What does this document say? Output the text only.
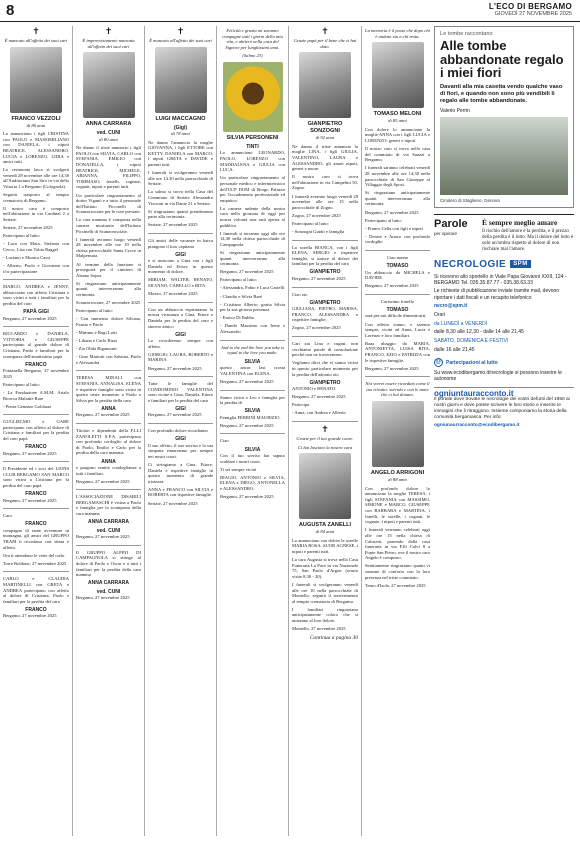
8	L'ECO DI BERGAMO
GIOVEDÌ 27 NOVEMBRE 2025
✝
È mancato all'affetto dei suoi cari
FRANCO VEZZOLI
di 86 anni

Lo annunciano i figli CRISTINA con PAOLO e MASSIMILIANO con DANIELA, i nipoti BEATRICE, ALESSANDRO, LUCIA e LORENZO, LIDIA e amici tutti.

La cerimonia laica si svolgerà venerdì 28 novembre alle ore 14,30 all'Auditorium San Siro in via della Vittoria 1 a Bergamo (Colognola).

Seguirà trasporto al tempio crematorio di Bergamo.

Il nostro caro è composto nell'abitazione in via Cardinal 2 a Seriate.

Seriate, 27 novembre 2025

Partecipano al lutto:

- Luca con Mara, Stefania con Cecco, Lisa con Tobia Raggel

- Luciano e Monica Cassi

- Alberto, Paolo e Giovanna con i/or partecipazione

MARCO, ANDREA e JENNY, abbracciano con affetto Cristiana e sono vicini a tutti i familiari per la perdita del caro

PAPÀ GIGI

Bergamo, 27 novembre 2025

RICCARDO e DANIELA, VITTORIA e GIUSEPPE partecipano al grande dolore di Cristiana, Paolo e familiari per la scomparsa dell'amatissimo papà

FRANCO

Fontanella Bergamo, 27 novembre 2025

Partecipano al lutto:

- La Fondazione A.M.M. Arialo Ricerca Malattie Rare

- Pietra Gennaro Goldaraz

GUGLIELMO e GABE partecipano con affetto al dolore di Cristiana e familiari per la perdita del caro papà

FRANCO

Bergamo, 27 novembre 2025

Il Presidente ed i soci del LIONS CLUB BERGAMO SAN MARCO sono vicini a Cristiana per la perdita del caro papà

FRANCO

Bergamo, 27 novembre 2025

Caro

FRANCO

compagno di tante avventure in montagna, gli amici del GRUPPO TRAM ti ricordano con stima e affetto.

Ora ti attendono le vette del cielo.

Torre Boldone, 27 novembre 2025

CARLO e CLAUDIA MARTINELLI con GRETA e ANDREA partecipano con affetto al dolore di Cristiana, Paolo e familiari per la perdita del caro

FRANCO

Bergamo, 27 novembre 2025

✝
È improvvisamente mancata all'affetto dei suoi cari
ANNA CARRARA
ved. CUNI
di 80 anni

Ne danno il triste annuncio i figli PAOLO con SILVIA, CARLO con STEFANIA, EMILIO con DONATELLA, i nipoti BEATRICE, MICHELE, ARIANNA, FILIPPO, TOMMASO, fratelli, cognate, cognati, nipoti e parenti tutti.

Un particolare ringraziamento al dottor Viganò e a tutto il personale dell'Istituto Piccinelli di Scanzorosciate per le cure prestate.

La cara mamma è composta nella camera mortuaria dell'Istituto Piccinelli di Scanzorosciate.

I funerali avranno luogo venerdì 28 novembre alle ore 10 nella chiesa parrocchiale Santa Croce in Malpensata.

Al termine della funzione si proseguirà per il cimitero di Alzano Sopra.

Si ringraziano anticipatamente quanti interverranno alla cerimonia.

Scanzorosciate, 27 novembre 2025

Partecipano al lutto:

- Con immenso dolore Silvana, Fausto e Paolo

- Mimmo e Rugi Lotti

- Liliana e Carlo Rizzi

- Zia Olida Rigamonti

- Gino Mariotti con Sabrina, Paolo e Alessandra

TERESA MINALI con STEFANIA, ANNALISA, ELENA e rispettive famiglie sono vicini in questo triste momento a Paolo e Silvia per la perdita della cara

ANNA

Bergamo, 27 novembre 2025

Titolari e dipendenti della F.LLI ZANOLETTI S.P.A. partecipano con profondo cordoglio al dolore di Paolo, Emilio e Carlo per la perdita della cara mamma

ANNA

e porgono sentite condoglianze a tutti i familiari.

Bergamo, 27 novembre 2025

L'ASSOCIAZIONE DISABILI BERGAMASCHI è vicina a Paolo e famiglia per la scomparsa della cara mamma

ANNA CARRARA
ved. CUNI

Bergamo, 27 novembre 2025

Il GRUPPO ALPINI DI CAMPAGNOLA si stringe al dolore di Paolo e Oscar e a tutti i familiari per la perdita della cara mamma

ANNA CARRARA
ved. CUNI

Bergamo, 27 novembre 2025

✝
È mancato all'affetto dei suoi cari
LUIGI MACCAGNO
(Gigi)
di 78 anni

Ne danno l'annuncio la moglie GIOVANNA, i figli ETTORE con KETTY, DANIELA con MARCO, i nipoti GRETA e DAVIDE e parenti tutti.

I funerali si svolgeranno venerdì alle ore 14.30 nella parrocchiale di Seriate.

La salma si trova nella Casa del Commiato di Seriate Alessandro Visconti in via Dante 21 a Seriate.

Si ringraziano quanti prenderanno parte alla cerimonia.

Seriate, 27 novembre 2025

Gli amici delle vacanze in barca piangono il loro capitano

GIGI

e si uniscono a Gina con i figli Daniela ed Ettore in questo momento di dolore.

MIRIAM, WALTER, RENATO, SILVANO, CARELLO e RITA

Mozzo, 27 novembre 2025

Con un abbraccio esprimiamo la nostra vicinanza a Gina, Ettore e Daniela per la perdita del caro e sincero amico

GIGI

Lo ricorderemo sempre con affetto.

GIORGIO, LAURA, ROBERTO e MARINA

Bergamo, 27 novembre 2025

Tutte le famiglie del CONDOMINIO VALENTINA sono vicine a Gina, Daniela, Ettore e familiari per la perdita del caro

GIGI

Bergamo, 27 novembre 2025

Con profondo dolore ricordiamo

GIGI

Il suo affetto, il suo sorriso e la sua simpatia rimarranno per sempre nei nostri cuori.

Ci stringiamo a Gina, Ettore, Daniela e rispettive famiglie in questo momento di grande tristezza.

ANNA e FRANCO con SILVIA e ROBERTA con rispettive famiglie.

Seriate, 27 novembre 2025

Felicità e grazia mi saranno compagne tutti i giorni della mia vita, e abiterò nella casa del Signore per lunghissimi anni.
(Salmo 23)
SILVIA PERSONENI
TINTI

Lo annunciano LEONARDO, PAOLO, LORENZO con MADDALENA e GIULIA con LUCA.

Un particolare ringraziamento al personale medico e infermieristico dell'UCP DOM di Borgo Palazzo per l'accudimento professionale ed empatico.

La camera ardente della nostra cara nella giornata di oggi per nostra volontà non sarà aperta al pubblico.

I funerali si terranno oggi alle ore 14,30 nella chiesa parrocchiale di Campagnola.

Si ringraziano anticipatamente quanti interverranno alla cerimonia.

Bergamo, 27 novembre 2025

Partecipano al lutto:

- Alessandra, Fabio e Luca Castelli

- Claudio e Silvia Baré

- Cristiano Alberto, gratia Silvia per la sua gioiosa presenza

- Enrico Di Rubba

- Danilo Massimo con Irene e Alessandro

And to the end the love you take is equal to the love you make.
SILVIA

questo ancor lasi crosta VALENTINA con ELENA.

Bergamo, 27 novembre 2025

Siamo vicini a Leo e famiglia per la perdita di

SILVIA

Famiglia FERRINI MAURIZIO.

Bergamo, 27 novembre 2025

Ciao

SILVIA

Con il tuo sorriso hai saputo scaldare i nostri cuori.

Ti sei sempre vicini

BIAGIO, ANTONIO e SILVIA, ELENA e DIEGO, ANTONELLA e ALESSANDRO.

Bergamo, 27 novembre 2025

✝
Grazie papà per il bene che ci hai dato.
GIANPIETRO SONZOGNI
di 92 anni

Ne danno il triste annuncio la moglie LINA, i figli GIULIA, VALENTINO, LAURA e ALESSANDRO, gli amati nipoti, generi e nuore.

Il nostro caro si trova nell'abitazione in via Campelmi 50, Zogno.

I funerali avranno luogo venerdì 28 novembre alle ore 15 nella parrocchiale di Zogno.

Zogno, 27 novembre 2025

Partecipano al lutto:

- Sonzogni Guido e famiglia

La sorella BIANCA, con i figli ELENA, SERGIO e rispettive famiglie, si unisce al dolore dei familiari per la perdita del caro

GIANPIETRO

Bergamo, 27 novembre 2025

Ciao zio

GIANPIETRO

GIULIANA, PIETRO, MARISA, FRANCO, ALESSANDRA e rispettive famiglie.

Zogno, 27 novembre 2025

Cari zia Lina e cugini, non cerchiamo parole di consolazione perché non ne troveremmo.

Vogliamo dirvi che vi siamo vicini in questo particolare momento per la perdita dell'adorato zio

GIANPIETRO

ANTONIO e RENATO.

Bergamo, 27 novembre 2025

Partecipa

- Anna, con Andrea e Alberto

✝
Grazie per il tuo grande cuore.
Ci hai lasciato la nostra cara
AUGUSTA ZANELLI
di 84 anni

Lo annunciano con dolore le sorelle MARIA ROSA, SUOR AGNESE, i nipoti e parenti tutti.

La cara Augusta si trova nella Casa Funeraria La Pace in via Nazionale 75, San Paolo d'Argon (orario visite 8.30 - 20).

I funerali si svolgeranno venerdì alle ore 10 nella parrocchiale di Montello, seguirà il trasferimento al tempio crematorio di Bergamo.

I familiari ringraziano anticipatamente coloro che si uniranno al loro dolore.

Montello, 27 novembre 2025

Continua a pagina 30
La memoria è il posto che dopo chi è andato via a chi resta.
TOMASO MELONI
di 85 anni

Con dolore lo annunciano la moglie ANNA con i figli LUCIA e LORENZO, generi e nipoti.

Il nostro caro si trova nella casa del commiato di via Sauzzi a Bergamo.

I funerali saranno celebrati venerdì 28 novembre alle ore 14,30 nella parrocchiale di San Giuseppe al Villaggio degli Sposi.

Si ringraziano anticipatamente quanti interverranno alla cerimonia.

Bergamo, 27 novembre 2025

Partecipano al lutto:

- Franco Cella con figli e nipoti

- Denise e Arturo con profondo cordoglio

Ciao nonno

TOMASO

Un abbraccio da MICHELA e DAVIDE.

Bergamo, 27 novembre 2025

Carissimo fratello

TOMASO

sarà per noi difficile dimenticarti.

Con affetto siamo, e saremo sempre, vicini ad Anna, Lucia e Lorenzo e loro familiari.

Baaa nhaggio da MARIA, ANTONIETTA, LUISA RITA, FRANCO, EZIO e PATRIZIA con le rispettive famiglie.

Bergamo, 27 novembre 2025

Noi vorrei essere ricordato come il tuo ritratto: sorrido e con le tante che ci hai donato.
ANGELO ARRIGONI
di 88 anni

Con profondo dolore lo annunciano la moglie TERESA, i figli STEFANIA con MASSIMO, SIMONE e MARCO, GIUSEPPE con BARBARA e MARTINA, i fratelli, le sorelle, i cognati, le cognate, i nipoti e parenti tutti.

I funerali verranno celebrati oggi alle ore 15 nella chiesa di Calusetti, partendo dalla casa funeraria in via F.lli Calvi 8 a Ponte San Pietro, ove il nostro caro Angelo è composto.

Sentitamente ringraziano quanti vi saranno di conforto con la loro presenza nel triste commiato.

Terno d'Isola, 27 novembre 2025

Le tombe raccontano
Alle tombe abbandonate regalo i miei fiori
Davanti alla mia casetta vendo qualche vaso di fiori, e quando non sono più vendibili li regalo alle tombe abbandonate.
Valerio Perrin
Cimitero di Staglieno, Genova
Parole
per sperare
È sempre meglio amare
Il rischio dell'amore è la perdita, e il prezzo della perdita è il lutto. Ma il dolore del lutto è solo un'ombra rispetto al dolore di non rischiare mai l'amore.
NECROLOGIE SPM

Si ricevono allo sportello in Viale Papa Giovanni XXIII, 124 - BERGAMO Tel. 035.35.87.77 - 035.38.63.33

Le richieste di pubblicazione inviate tramite mail, devono riportare i dati fiscali e un recapito telefonico

necro@spm.it

Orari

da LUNEDÌ a VENERDÌ

dalle 8,30 alle 12,30 - dalle 14 alle 21,45

SABATO, DOMENICA E FESTIVI

dalle 16 alle 21,45

@ Partecipazioni al lutto

Su www.ecodibergamo.it/necrologie si possono inserire le autonome

ogniuntauracconto.it

Il portale dove trovate le necrologie dei vostri defunti del 1950 ai nostri giorni e dove potete scrivere le loro storie e inserire le immagini che li ritraggono. Insieme componiamo la storia della comunità bergamasca. Per info:

ogniunaurracconto@ecodibergamo.it
